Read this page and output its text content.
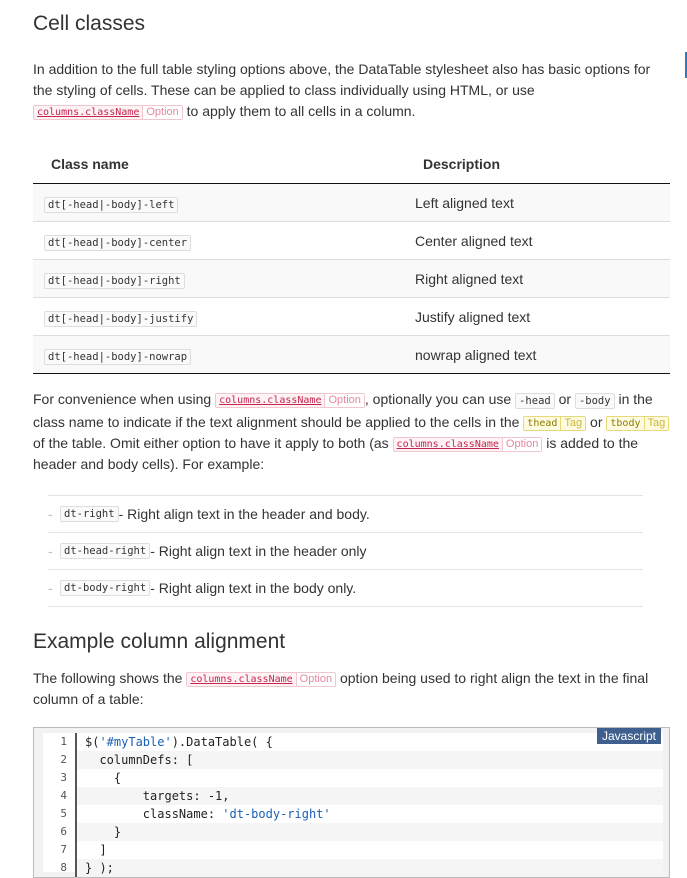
Cell classes

In addition to the full table styling options above, the DataTable stylesheet also has basic options for the styling of cells. These can be applied to class individually using HTML, or use
columns.className Option to apply them to all cells in a column.

Class name	Description
dt[-head|-body]-left	Left aligned text
dt[-head|-body]-center	Center aligned text
dt[-head|-body]-right	Right aligned text
dt[-head|-body]-justify	Justify aligned text
dt[-head|-body]-nowrap	nowrap aligned text

For convenience when using columns.className Option , optionally you can use -head or -body in the class name to indicate if the text alignment should be applied to the cells in the thead Tag or tbody Tag
of the table. Omit either option to have it apply to both (as columns.className Option is added to the header and body cells). For example:

-	dt-right - Right align text in the header and body.
-	dt-head-right - Right align text in the header only
-	dt-body-right - Right align text in the body only.
Example column alignment

The following shows the columns.className Option option being used to right align the text in the final column of a table:

1	$('#myTable').DataTable( {
2	columnDefs: [
3	{
4	targets: -1,
5	className: 'dt-body-right'
6	}
7	]
8	} );
Javascript
